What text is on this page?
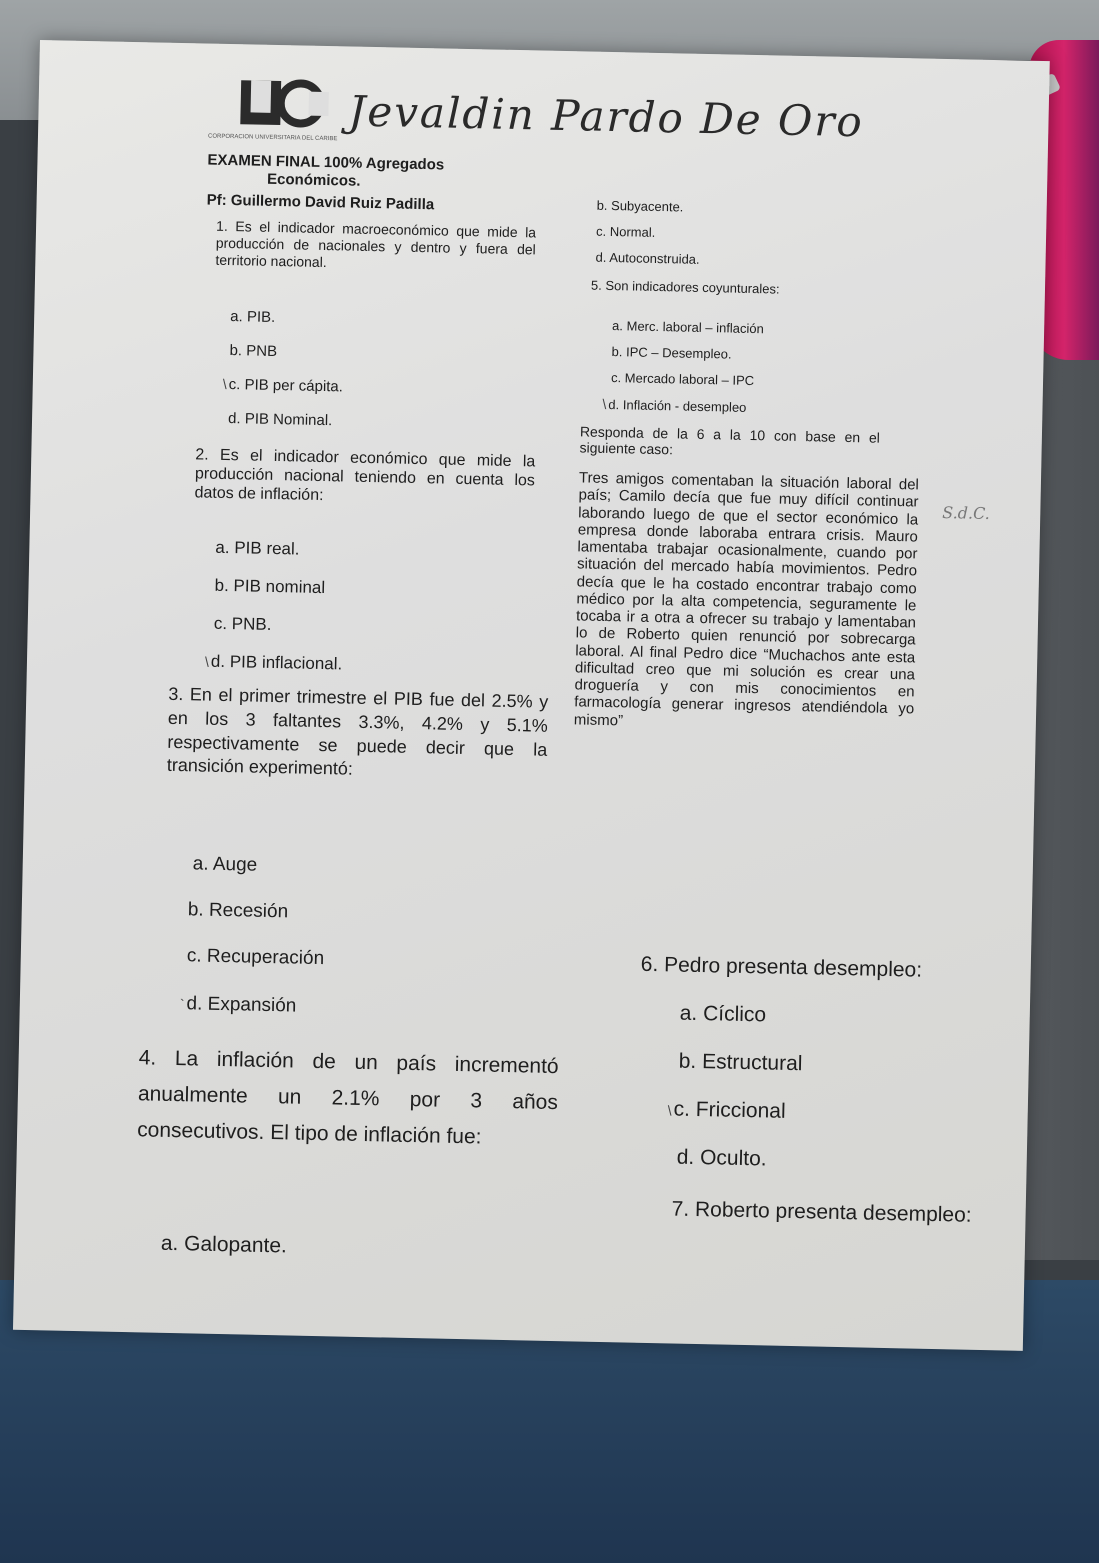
CORPORACION UNIVERSITARIA DEL CARIBE Jevaldin Pardo De Oro
EXAMEN FINAL 100% Agregados
Económicos.
Pf: Guillermo David Ruiz Padilla
1. Es el indicador macroeconómico que mide la producción de nacionales y dentro y fuera del territorio nacional.
a. PIB.
b. PNB
\ c. PIB per cápita.
d. PIB Nominal.
2. Es el indicador económico que mide la producción nacional teniendo en cuenta los datos de inflación:
a. PIB real.
b. PIB nominal
c. PNB.
\d. PIB inflacional.
3. En el primer trimestre el PIB fue del 2.5% y en los 3 faltantes 3.3%, 4.2% y 5.1% respectivamente se puede decir que la transición experimentó:
a. Auge
b. Recesión
c. Recuperación
`d. Expansión
4. La inflación de un país incrementó anualmente un 2.1% por 3 años consecutivos. El tipo de inflación fue:
a. Galopante.
b. Subyacente.
c. Normal.
d. Autoconstruida.
5. Son indicadores coyunturales:
a. Merc. laboral – inflación
b. IPC – Desempleo.
c. Mercado laboral – IPC
\ d. Inflación - desempleo
Responda de la 6 a la 10 con base en el siguiente caso:
Tres amigos comentaban la situación laboral del país; Camilo decía que fue muy difícil continuar laborando luego de que el sector económico la empresa donde laboraba entrara crisis. Mauro lamentaba trabajar ocasionalmente, cuando por situación del mercado había movimientos. Pedro decía que le ha costado encontrar trabajo como médico por la alta competencia, seguramente le tocaba ir a otra a ofrecer su trabajo y lamentaban lo de Roberto quien renunció por sobrecarga laboral. Al final Pedro dice “Muchachos ante esta dificultad creo que mi solución es crear una droguería y con mis conocimientos en farmacología generar ingresos atendiéndola yo mismo”
S.d.C.
6. Pedro presenta desempleo:
a. Cíclico
b. Estructural
\c. Friccional
d. Oculto.
7. Roberto presenta desempleo:
